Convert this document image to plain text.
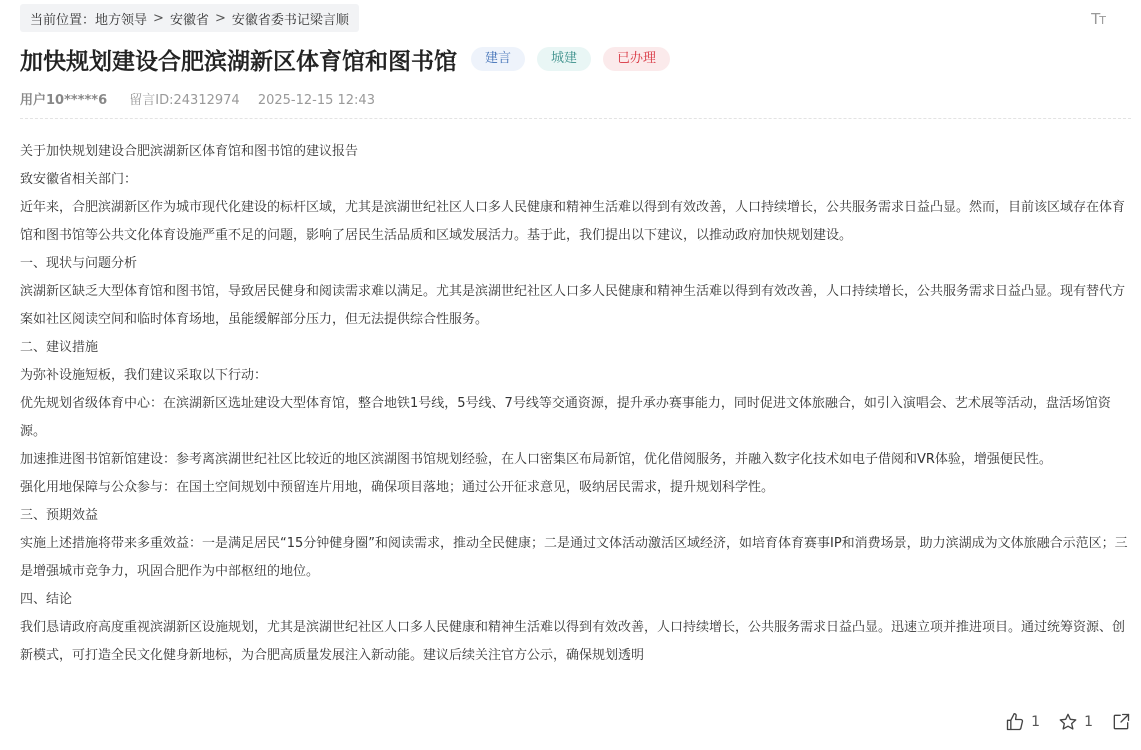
当前位置： 地方领导 > 安徽省 > 安徽省委书记梁言顺	TT
加快规划建设合肥滨湖新区体育馆和图书馆	建言	城建	已办理
用户10*****6 留言ID:24312974 2025-12-15 12:43

关于加快规划建设合肥滨湖新区体育馆和图书馆的建议报告

致安徽省相关部门：

近年来，合肥滨湖新区作为城市现代化建设的标杆区域，尤其是滨湖世纪社区人口多人民健康和精神生活难以得到有效改善，人口持续增长，公共服务需求日益凸显。然而，目前该区域存在体育馆和图书馆等公共文化体育设施严重不足的问题，影响了居民生活品质和区域发展活力。基于此，我们提出以下建议，以推动政府加快规划建设。

一、现状与问题分析

滨湖新区缺乏大型体育馆和图书馆，导致居民健身和阅读需求难以满足。尤其是滨湖世纪社区人口多人民健康和精神生活难以得到有效改善，人口持续增长，公共服务需求日益凸显。现有替代方案如社区阅读空间和临时体育场地，虽能缓解部分压力，但无法提供综合性服务。

二、建议措施

为弥补设施短板，我们建议采取以下行动：

优先规划省级体育中心：在滨湖新区选址建设大型体育馆，整合地铁1号线，5号线、7号线等交通资源，提升承办赛事能力，同时促进文体旅融合，如引入演唱会、艺术展等活动，盘活场馆资源。

加速推进图书馆新馆建设：参考离滨湖世纪社区比较近的地区滨湖图书馆规划经验，在人口密集区布局新馆，优化借阅服务，并融入数字化技术如电子借阅和VR体验，增强便民性。

强化用地保障与公众参与：在国土空间规划中预留连片用地，确保项目落地；通过公开征求意见，吸纳居民需求，提升规划科学性。

三、预期效益

实施上述措施将带来多重效益：一是满足居民“15分钟健身圈”和阅读需求，推动全民健康；二是通过文体活动激活区域经济，如培育体育赛事IP和消费场景，助力滨湖成为文体旅融合示范区；三是增强城市竞争力，巩固合肥作为中部枢纽的地位。

四、结论

我们恳请政府高度重视滨湖新区设施规划，尤其是滨湖世纪社区人口多人民健康和精神生活难以得到有效改善，人口持续增长，公共服务需求日益凸显。迅速立项并推进项目。通过统筹资源、创新模式，可打造全民文化健身新地标，为合肥高质量发展注入新动能。建议后续关注官方公示，确保规划透明

1	1
